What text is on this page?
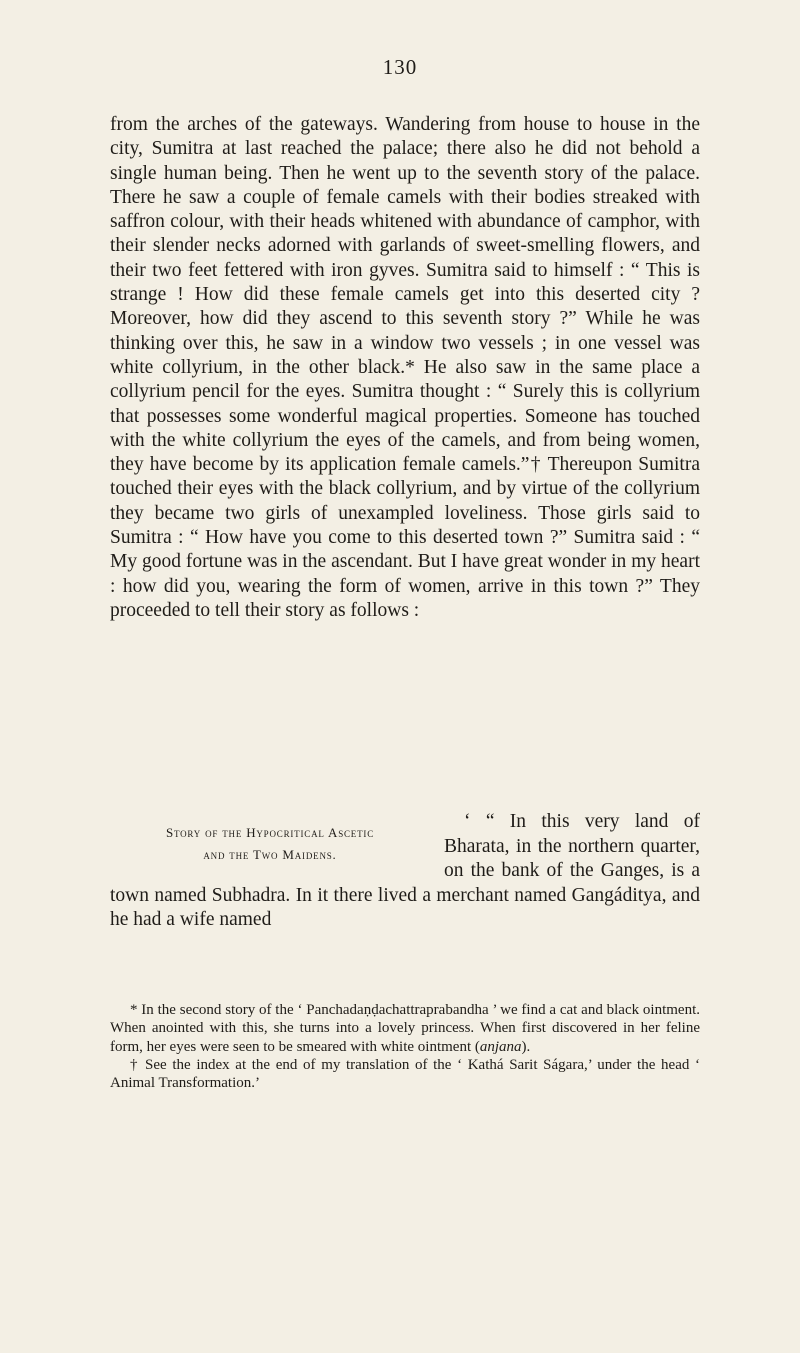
130

from the arches of the gateways. Wandering from house to house in the city, Sumitra at last reached the palace; there also he did not behold a single human being. Then he went up to the seventh story of the palace. There he saw a couple of female camels with their bodies streaked with saffron colour, with their heads whitened with abundance of camphor, with their slender necks adorned with garlands of sweet-smelling flowers, and their two feet fettered with iron gyves. Sumitra said to himself : “ This is strange ! How did these female camels get into this deserted city ? Moreover, how did they ascend to this seventh story ?” While he was thinking over this, he saw in a window two vessels ; in one vessel was white collyrium, in the other black.* He also saw in the same place a collyrium pencil for the eyes. Sumitra thought : “ Surely this is collyrium that possesses some wonderful magical properties. Someone has touched with the white collyrium the eyes of the camels, and from being women, they have become by its application female camels.”† Thereupon Sumitra touched their eyes with the black collyrium, and by virtue of the collyrium they became two girls of unexampled loveliness. Those girls said to Sumitra : “ How have you come to this deserted town ?” Sumitra said : “ My good fortune was in the ascendant. But I have great wonder in my heart : how did you, wearing the form of women, arrive in this town ?” They proceeded to tell their story as follows :

Story of the Hypocritical Ascetic
and the Two Maidens.

‘ “ In this very land of Bharata, in the northern quarter, on the bank of the Ganges, is a town named Subhadra. In it there lived a merchant named Gangáditya, and he had a wife named

* In the second story of the ‘ Panchadaṇḍachattraprabandha ’ we find a cat and black ointment. When anointed with this, she turns into a lovely princess. When first discovered in her feline form, her eyes were seen to be smeared with white ointment (anjana).

† See the index at the end of my translation of the ‘ Kathá Sarit Ságara,’ under the head ‘ Animal Transformation.’
